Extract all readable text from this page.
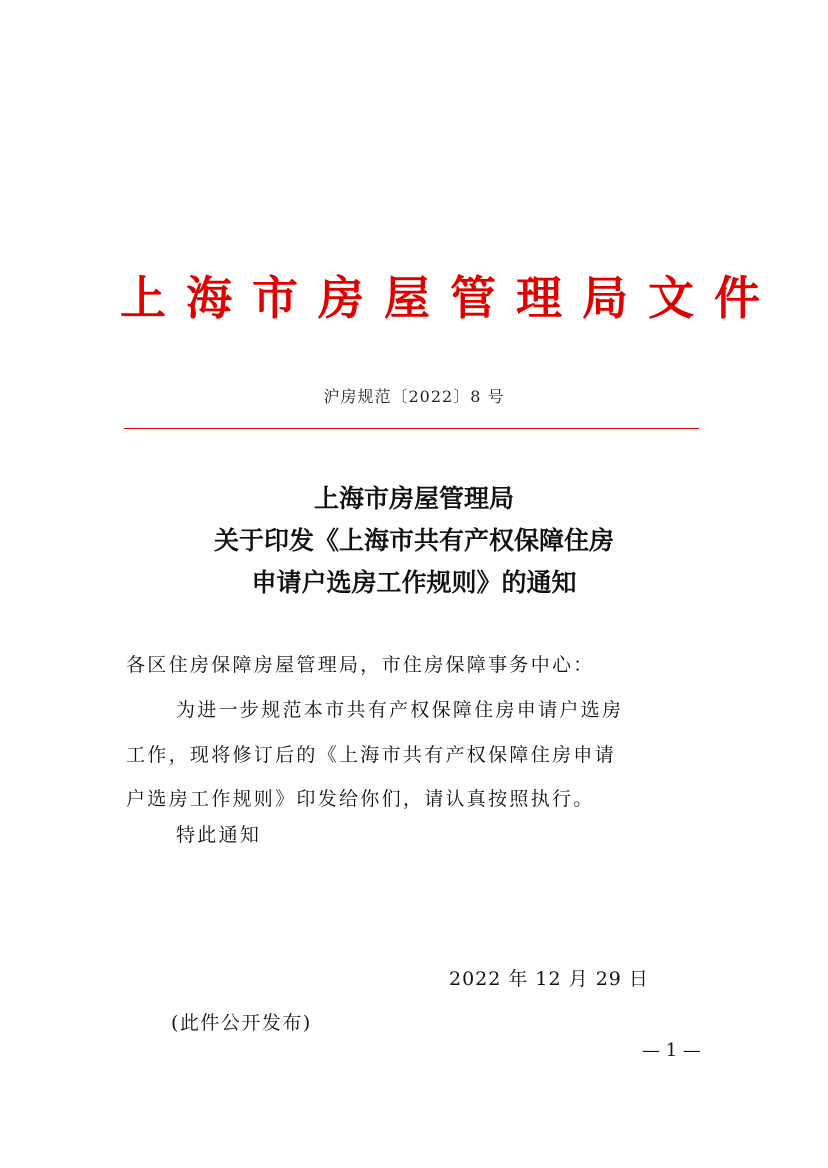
上海市房屋管理局文件
沪房规范〔2022〕8 号
上海市房屋管理局
关于印发《上海市共有产权保障住房
申请户选房工作规则》的通知
各区住房保障房屋管理局，市住房保障事务中心：
为进一步规范本市共有产权保障住房申请户选房
工作，现将修订后的《上海市共有产权保障住房申请
户选房工作规则》印发给你们，请认真按照执行。
特此通知
2022 年 12 月 29 日
(此件公开发布)
— 1 —
